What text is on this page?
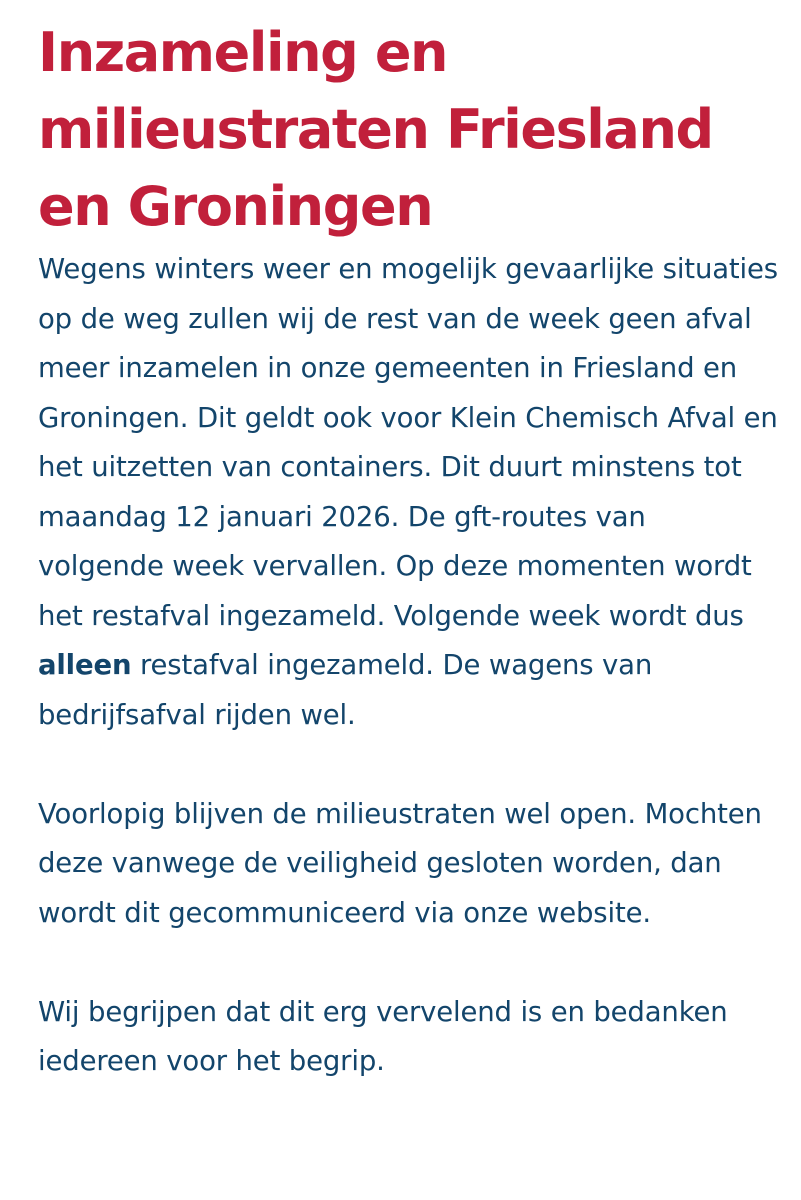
Inzameling en milieustraten Friesland en Groningen

Wegens winters weer en mogelijk gevaarlijke situaties op de weg zullen wij de rest van de week geen afval meer inzamelen in onze gemeenten in Friesland en Groningen. Dit geldt ook voor Klein Chemisch Afval en het uitzetten van containers. Dit duurt minstens tot maandag 12 januari 2026. De gft-routes van volgende week vervallen. Op deze momenten wordt het restafval ingezameld. Volgende week wordt dus alleen restafval ingezameld. De wagens van bedrijfsafval rijden wel.

Voorlopig blijven de milieustraten wel open. Mochten deze vanwege de veiligheid gesloten worden, dan wordt dit gecommuniceerd via onze website.

Wij begrijpen dat dit erg vervelend is en bedanken iedereen voor het begrip.
